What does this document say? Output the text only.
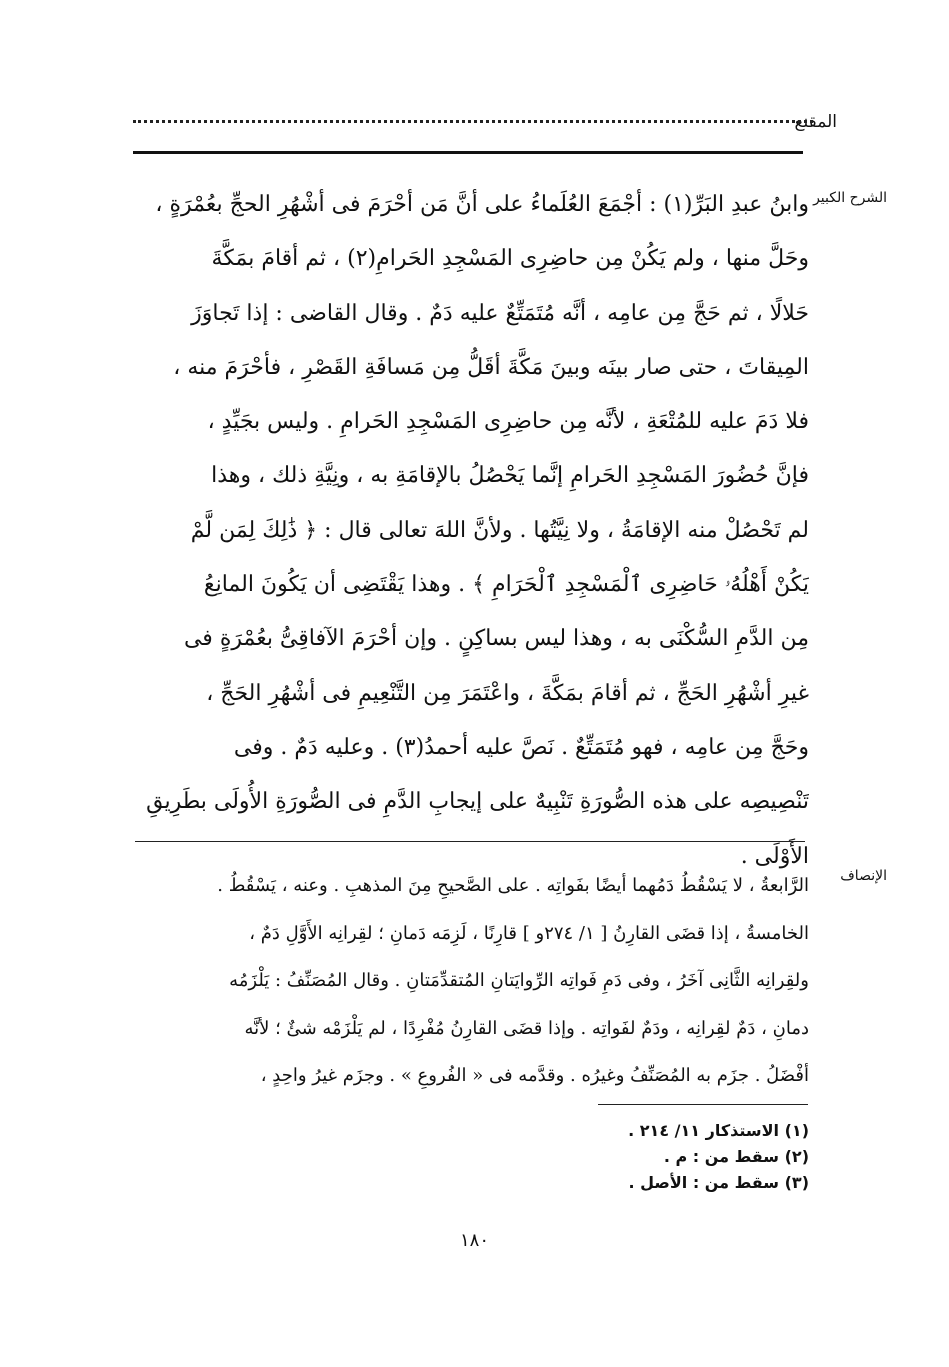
المقنع
الشرح الكبير
وابنُ عبدِ البَرِّ(١) : أجْمَعَ العُلَماءُ على أنَّ مَن أحْرَمَ فى أشْهُرِ الحجِّ بعُمْرَةٍ ،
وحَلَّ منها ، ولم يَكُنْ مِن حاضِرِى المَسْجِدِ الحَرامِ(٢) ، ثم أقامَ بمَكَّةَ
حَلالًا ، ثم حَجَّ مِن عامِه ، أنَّه مُتَمَتِّعٌ عليه دَمٌ . وقال القاضى : إذا تَجاوَزَ
المِيقاتَ ، حتى صار بينَه وبينَ مَكَّةَ أقَلُّ مِن مَسافَةِ القَصْرِ ، فأحْرَمَ منه ،
فلا دَمَ عليه للمُتْعَةِ ، لأنَّه مِن حاضِرِى المَسْجِدِ الحَرامِ . وليس بجَيِّدٍ ،
فإنَّ حُضُورَ المَسْجِدِ الحَرامِ إنَّما يَحْصُلُ بالإقامَةِ به ، ونِيَّةِ ذلك ، وهذا
لم تَحْصُلْ منه الإقامَةُ ، ولا نِيَّتُها . ولأنَّ اللهَ تعالى قال : ﴿ ذَٰلِكَ لِمَن لَّمْ
يَكُنْ أَهْلُهُۥ حَاضِرِى ٱلْمَسْجِدِ ٱلْحَرَامِ ﴾ . وهذا يَقْتَضِى أن يَكُونَ المانِعُ
مِن الدَّمِ السُّكْنَى به ، وهذا ليس بساكِنٍ . وإن أحْرَمَ الآفاقِىُّ بعُمْرَةٍ فى
غيرِ أشْهُرِ الحَجِّ ، ثم أقامَ بمَكَّةَ ، واعْتَمَرَ مِن التَّنْعِيمِ فى أشْهُرِ الحَجِّ ،
وحَجَّ مِن عامِه ، فهو مُتَمَتِّعٌ . نَصَّ عليه أحمدُ(٣) . وعليه دَمٌ . وفى
تَنْصِيصِه على هذه الصُّورَةِ تَنْبِيهٌ على إيجابِ الدَّمِ فى الصُّورَةِ الأُولَى بطَرِيقِ
الأَوْلَى .
الإنصاف
الرَّابعةُ ، لا يَسْقُطُ دَمُهما أيضًا بفَواتِه . على الصَّحيحِ مِنَ المذهبِ . وعنه ، يَسْقُطُ .
الخامسةُ ، إذا قضَى القارِنُ [ ١/ ٢٧٤و ] قارِنًا ، لَزِمَه دَمانِ ؛ لقِرانِه الأَوَّلِ دَمٌ ،
ولقِرانِه الثَّانِى آخَرُ ، وفى دَمِ فَواتِه الرِّوايَتانِ المُتقدِّمَتانِ . وقال المُصَنِّفُ : يَلْزَمُه
دمانِ ، دَمٌ لقِرانِه ، ودَمٌ لفَواتِه . وإذا قضَى القارِنُ مُفْرِدًا ، لم يَلْزَمْه شئٌ ؛ لأنَّه
أفْضَلُ . جزَم به المُصَنِّفُ وغيرُه . وقدَّمه فى « الفُروعِ » . وجزَم غيرُ واحِدٍ ،
(١) الاستذكار ١١/ ٢١٤ .
(٢) سقط من : م .
(٣) سقط من : الأصل .
١٨٠
